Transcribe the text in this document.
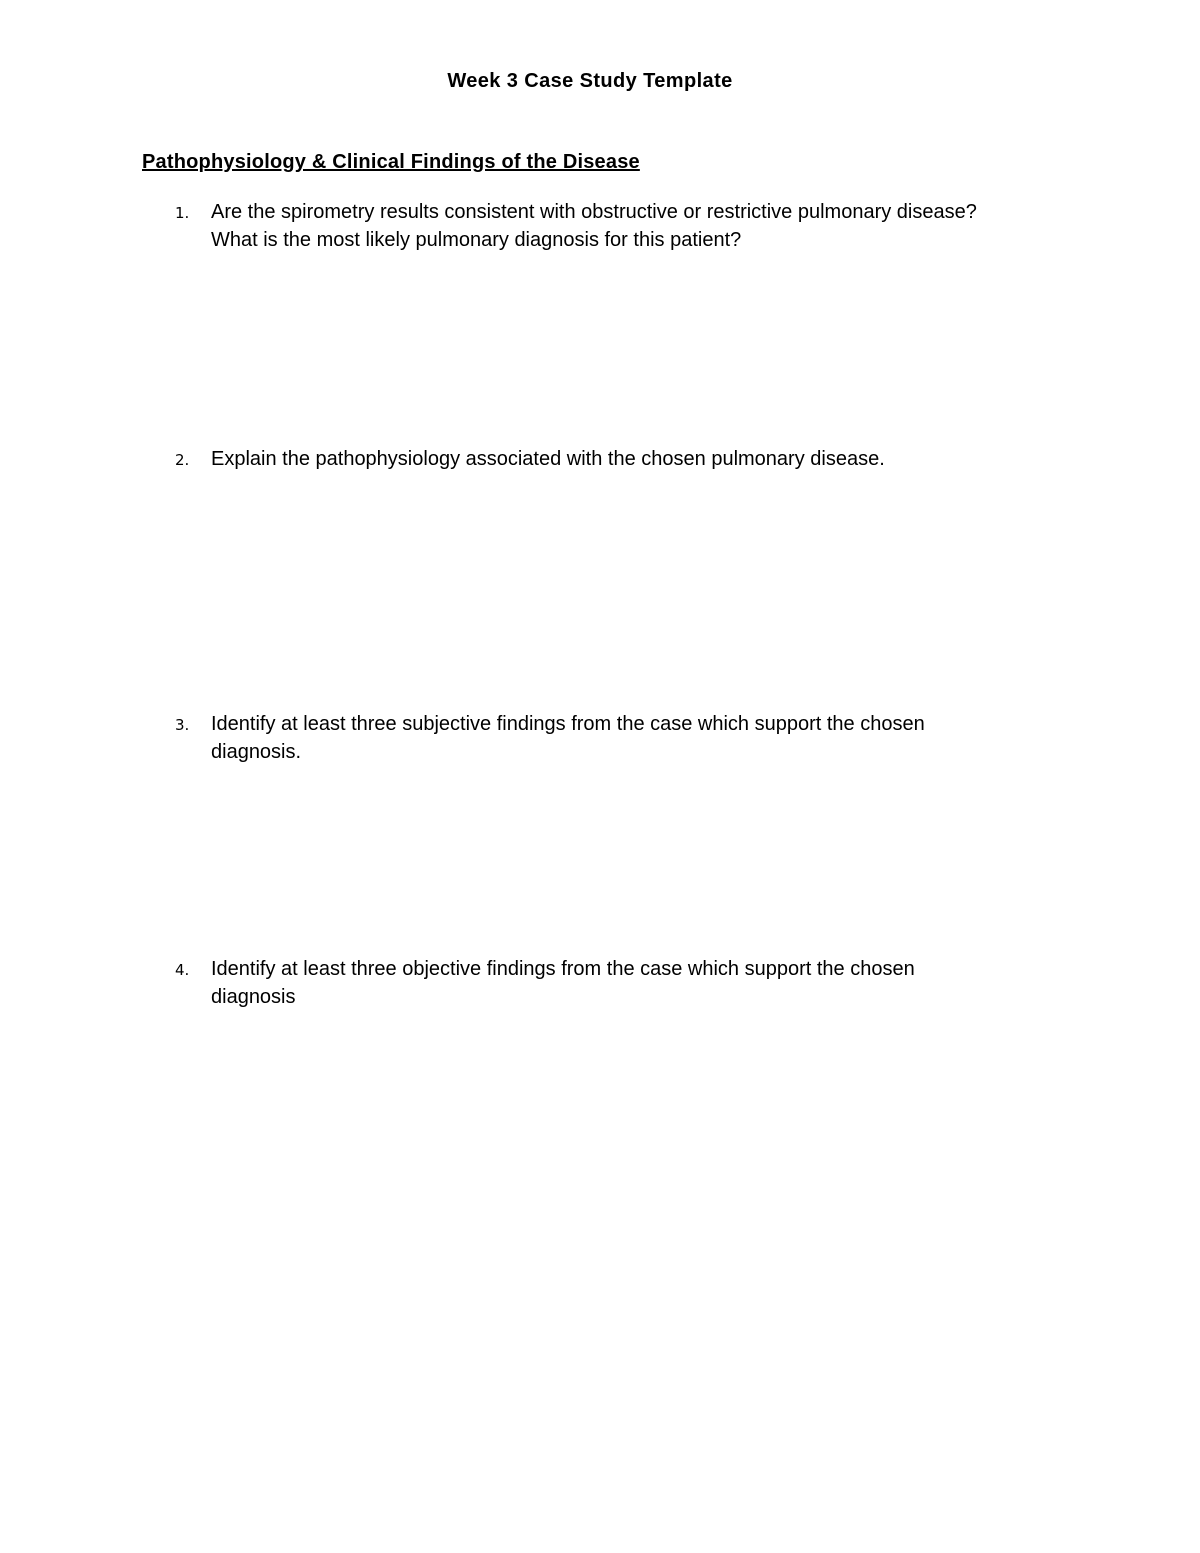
Week 3 Case Study Template
Pathophysiology & Clinical Findings of the Disease
1.	Are the spirometry results consistent with obstructive or restrictive pulmonary disease?
What is the most likely pulmonary diagnosis for this patient?
2.	Explain the pathophysiology associated with the chosen pulmonary disease.
3.	Identify at least three subjective findings from the case which support the chosen
diagnosis.
4.	Identify at least three objective findings from the case which support the chosen
diagnosis
